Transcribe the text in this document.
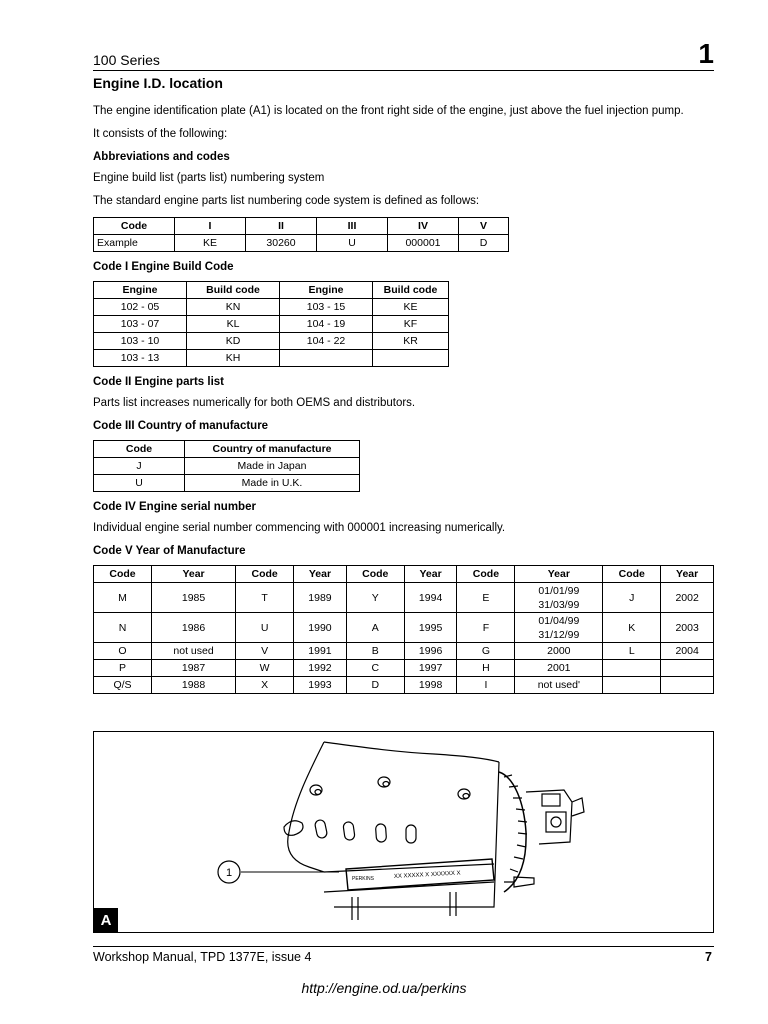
100 Series	1
Engine I.D. location

The engine identification plate (A1) is located on the front right side of the engine, just above the fuel injection pump.

It consists of the following:

Abbreviations and codes

Engine build list (parts list) numbering system

The standard engine parts list numbering code system is defined as follows:

Code	I	II	III	IV	V
Example	KE	30260	U	000001	D
Code I Engine Build Code
Engine	Build code	Engine	Build code
102 - 05	KN	103 - 15	KE
103 - 07	KL	104 - 19	KF
103 - 10	KD	104 - 22	KR
103 - 13	KH		
Code II Engine parts list

Parts list increases numerically for both OEMS and distributors.

Code III Country of manufacture
Code	Country of manufacture
J	Made in Japan
U	Made in U.K.
Code IV Engine serial number

Individual engine serial number commencing with 000001 increasing numerically.

Code V Year of Manufacture
Code	Year	Code	Year	Code	Year	Code	Year	Code	Year
M	1985	T	1989	Y	1994	E	01/01/99
31/03/99	J	2002
N	1986	U	1990	A	1995	F	01/04/99
31/12/99	K	2003
O	not used	V	1991	B	1996	G	2000	L	2004
P	1987	W	1992	C	1997	H	2001		
Q/S	1988	X	1993	D	1998	I	not used'		
1	PERKINS	XX XXXXX X XXXXXX X
A
Workshop Manual, TPD 1377E, issue 4	7
http://engine.od.ua/perkins
